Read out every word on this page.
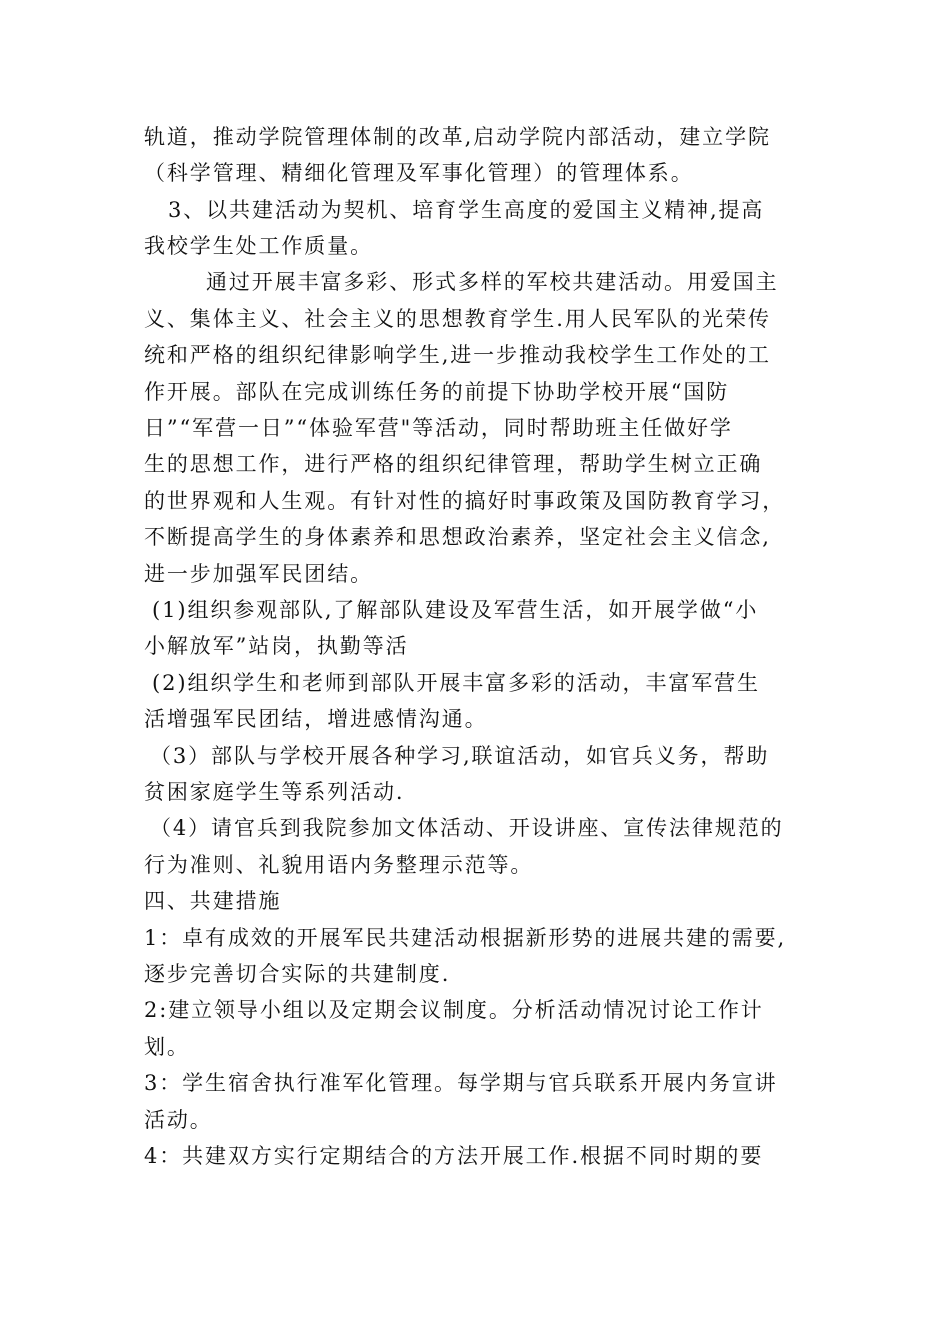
轨道，推动学院管理体制的改革,启动学院内部活动，建立学院
（科学管理、精细化管理及军事化管理）的管理体系。
3、以共建活动为契机、培育学生高度的爱国主义精神,提高
我校学生处工作质量。
通过开展丰富多彩、形式多样的军校共建活动。用爱国主
义、集体主义、社会主义的思想教育学生.用人民军队的光荣传
统和严格的组织纪律影响学生,进一步推动我校学生工作处的工
作开展。部队在完成训练任务的前提下协助学校开展“国防
日”“军营一日”“体验军营"等活动，同时帮助班主任做好学
生的思想工作，进行严格的组织纪律管理，帮助学生树立正确
的世界观和人生观。有针对性的搞好时事政策及国防教育学习，
不断提高学生的身体素养和思想政治素养，坚定社会主义信念,
进一步加强军民团结。
(1)组织参观部队,了解部队建设及军营生活，如开展学做“小
小解放军”站岗，执勤等活
(2)组织学生和老师到部队开展丰富多彩的活动，丰富军营生
活增强军民团结，增进感情沟通。
（3）部队与学校开展各种学习,联谊活动，如官兵义务，帮助
贫困家庭学生等系列活动.
（4）请官兵到我院参加文体活动、开设讲座、宣传法律规范的
行为准则、礼貌用语内务整理示范等。
四、共建措施
1：卓有成效的开展军民共建活动根据新形势的进展共建的需要,
逐步完善切合实际的共建制度.
2:建立领导小组以及定期会议制度。分析活动情况讨论工作计
划。
3：学生宿舍执行准军化管理。每学期与官兵联系开展内务宣讲
活动。
4：共建双方实行定期结合的方法开展工作.根据不同时期的要
